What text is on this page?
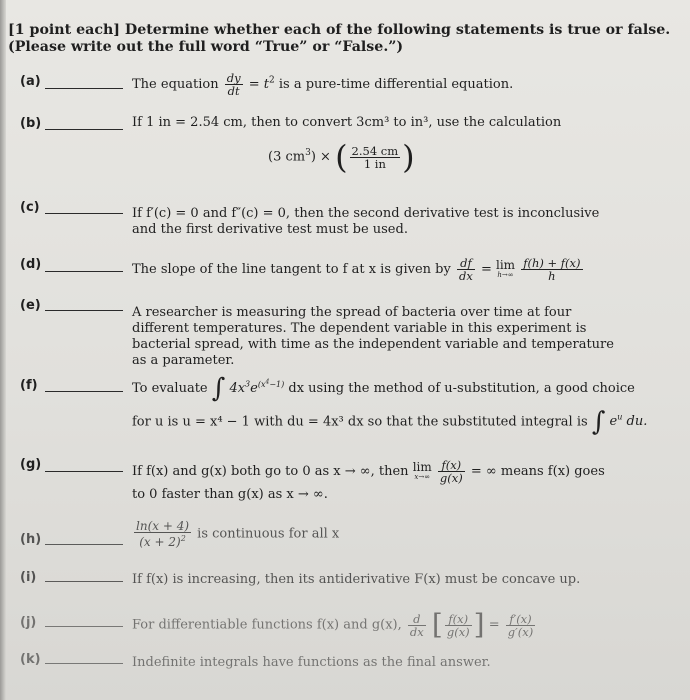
[1 point each] Determine whether each of the following statements is true or false. (Please write out the full word “True” or “False.”)
(a)	The equation $\frac{dy}{dt} = t^2$ is a pure-time differential equation.
(b)	If 1 in = 2.54 cm, then to convert 3cm³ to in³, use the calculation
(3 $cm^3$) × ( $\frac{2.54 cm}{1 in}$ )
(c)	If f′(c) = 0 and f″(c) = 0, then the second derivative test is inconclusive and the first derivative test must be used.
(d)	The slope of the line tangent to f at x is given by $\frac{df}{dx} = \lim$
h→∞
$\frac{f(h) + f(x)}{h}$
(e)	A researcher is measuring the spread of bacteria over time at four different temperatures. The dependent variable in this experiment is bacterial spread, with time as the independent variable and temperature as a parameter.
(f)	To evaluate ∫ $4x^3e^{(x^4-1)}$ dx using the method of u-substitution, a good choice
for u is u = x⁴ − 1 with du = 4x³ dx so that the substituted integral is ∫ $e^u$ du.
(g)	If f(x) and g(x) both go to 0 as x → ∞, then lim
x→∞
$\frac{f(x)}{g(x)}$ = ∞ means f(x) goes
to 0 faster than g(x) as x → ∞.
(h)	$\frac{\ln(x + 4)}{(x + 2)^2}$ is continuous for all x
(i)	If f(x) is increasing, then its antiderivative F(x) must be concave up.
(j)	For differentiable functions f(x) and g(x), $\frac{d}{dx}$ [ $\frac{f(x)}{g(x)}$ ] = $\frac{f'(x)}{g'(x)}$
(k)	Indefinite integrals have functions as the final answer.
